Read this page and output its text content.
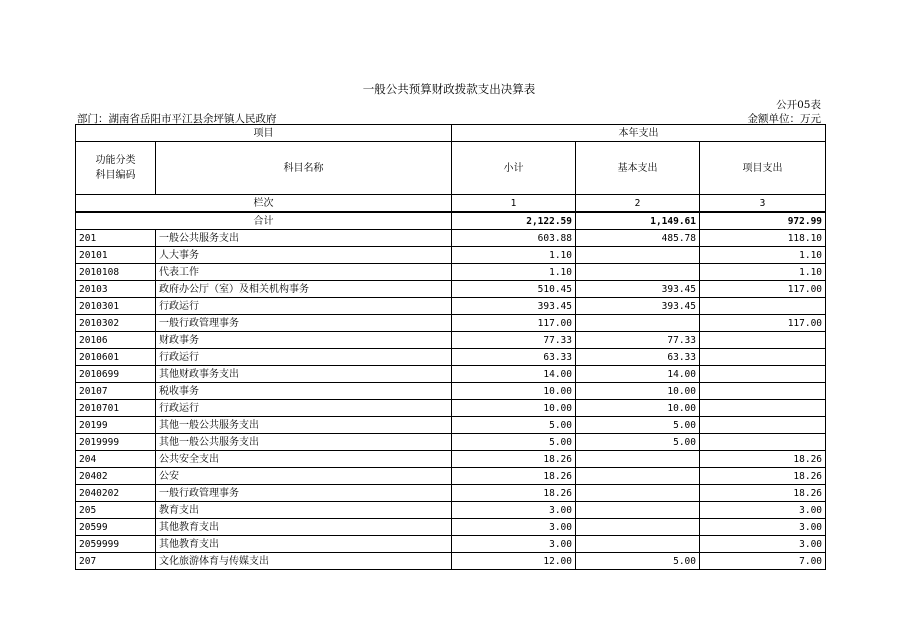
一般公共预算财政拨款支出决算表
公开05表
部门：湖南省岳阳市平江县余坪镇人民政府	金额单位：万元
项目		本年支出		
功能分类
科目编码	科目名称	小计	基本支出	项目支出
栏次		1	2	3
合计		2,122.59	1,149.61	972.99
201	一般公共服务支出	603.88	485.78	118.10
20101	人大事务	1.10		1.10
2010108	代表工作	1.10		1.10
20103	政府办公厅（室）及相关机构事务	510.45	393.45	117.00
2010301	行政运行	393.45	393.45	
2010302	一般行政管理事务	117.00		117.00
20106	财政事务	77.33	77.33	
2010601	行政运行	63.33	63.33	
2010699	其他财政事务支出	14.00	14.00	
20107	税收事务	10.00	10.00	
2010701	行政运行	10.00	10.00	
20199	其他一般公共服务支出	5.00	5.00	
2019999	其他一般公共服务支出	5.00	5.00	
204	公共安全支出	18.26		18.26
20402	公安	18.26		18.26
2040202	一般行政管理事务	18.26		18.26
205	教育支出	3.00		3.00
20599	其他教育支出	3.00		3.00
2059999	其他教育支出	3.00		3.00
207	文化旅游体育与传媒支出	12.00	5.00	7.00
